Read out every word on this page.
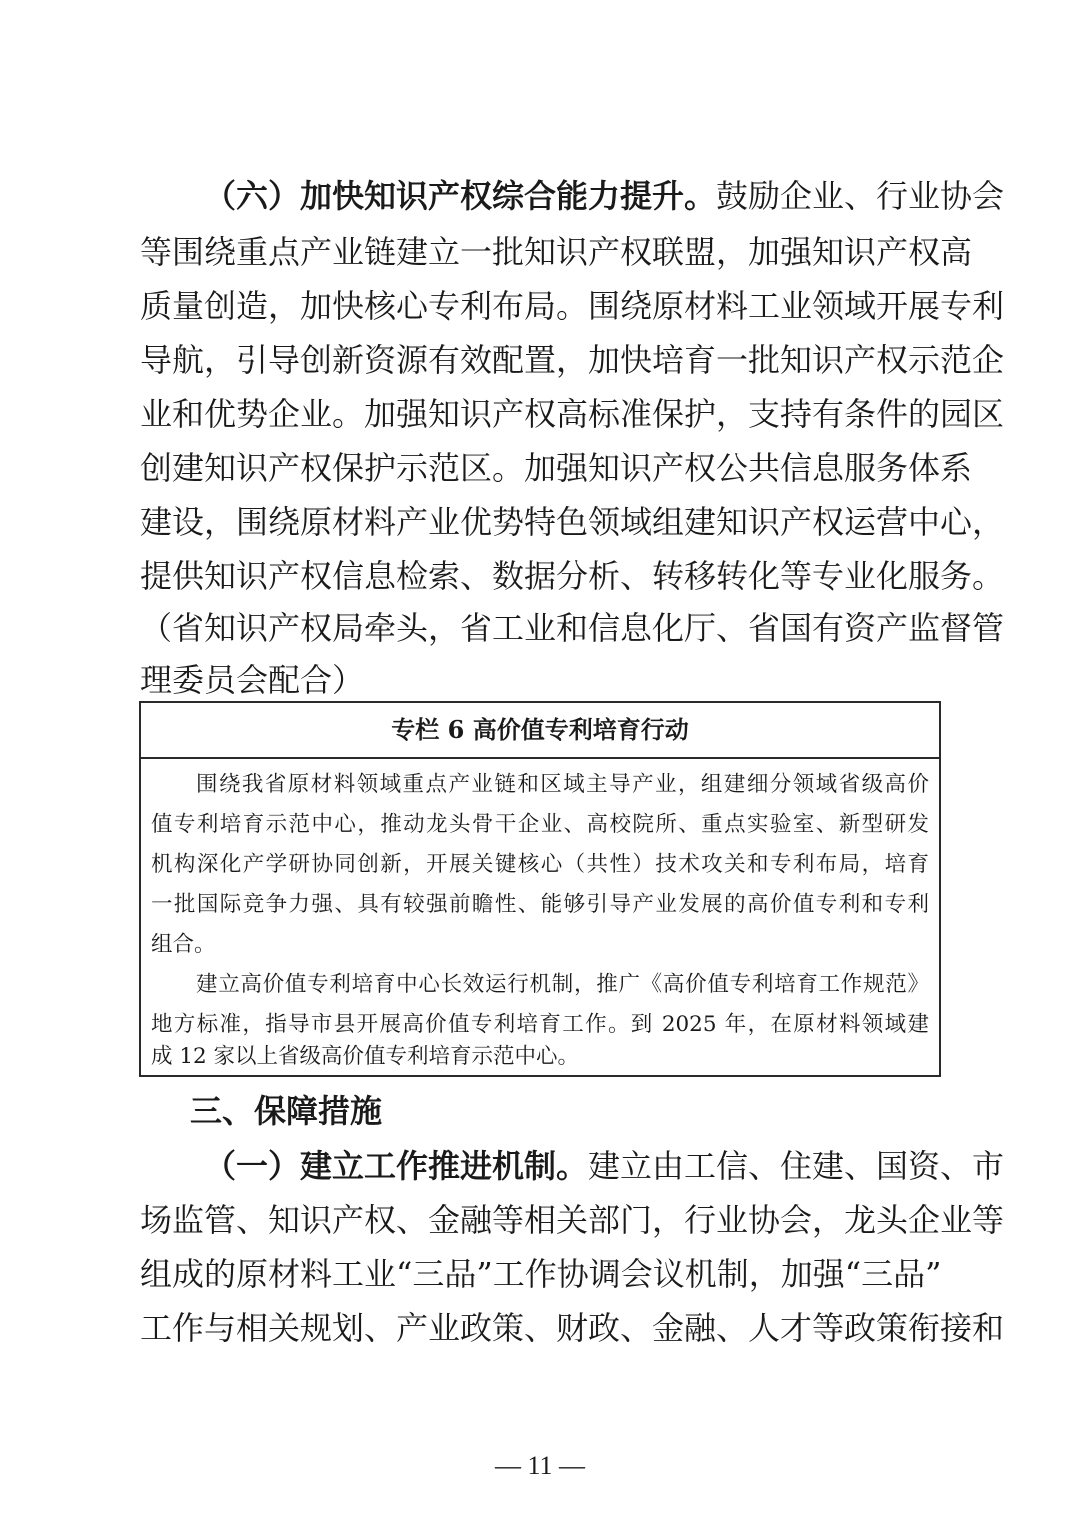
（六）加快知识产权综合能力提升。鼓励企业、行业协会
等围绕重点产业链建立一批知识产权联盟，加强知识产权高
质量创造，加快核心专利布局。围绕原材料工业领域开展专利
导航，引导创新资源有效配置，加快培育一批知识产权示范企
业和优势企业。加强知识产权高标准保护，支持有条件的园区
创建知识产权保护示范区。加强知识产权公共信息服务体系
建设，围绕原材料产业优势特色领域组建知识产权运营中心，
提供知识产权信息检索、数据分析、转移转化等专业化服务。
（省知识产权局牵头，省工业和信息化厅、省国有资产监督管
理委员会配合）
专栏 6 高价值专利培育行动
围绕我省原材料领域重点产业链和区域主导产业，组建细分领域省级高价
值专利培育示范中心，推动龙头骨干企业、高校院所、重点实验室、新型研发
机构深化产学研协同创新，开展关键核心（共性）技术攻关和专利布局，培育
一批国际竞争力强、具有较强前瞻性、能够引导产业发展的高价值专利和专利
组合。
建立高价值专利培育中心长效运行机制，推广《高价值专利培育工作规范》
地方标准，指导市县开展高价值专利培育工作。到 2025 年，在原材料领域建
成 12 家以上省级高价值专利培育示范中心。
三、保障措施
（一）建立工作推进机制。建立由工信、住建、国资、市
场监管、知识产权、金融等相关部门，行业协会，龙头企业等
组成的原材料工业“三品”工作协调会议机制，加强“三品”
工作与相关规划、产业政策、财政、金融、人才等政策衔接和
— 11 —
